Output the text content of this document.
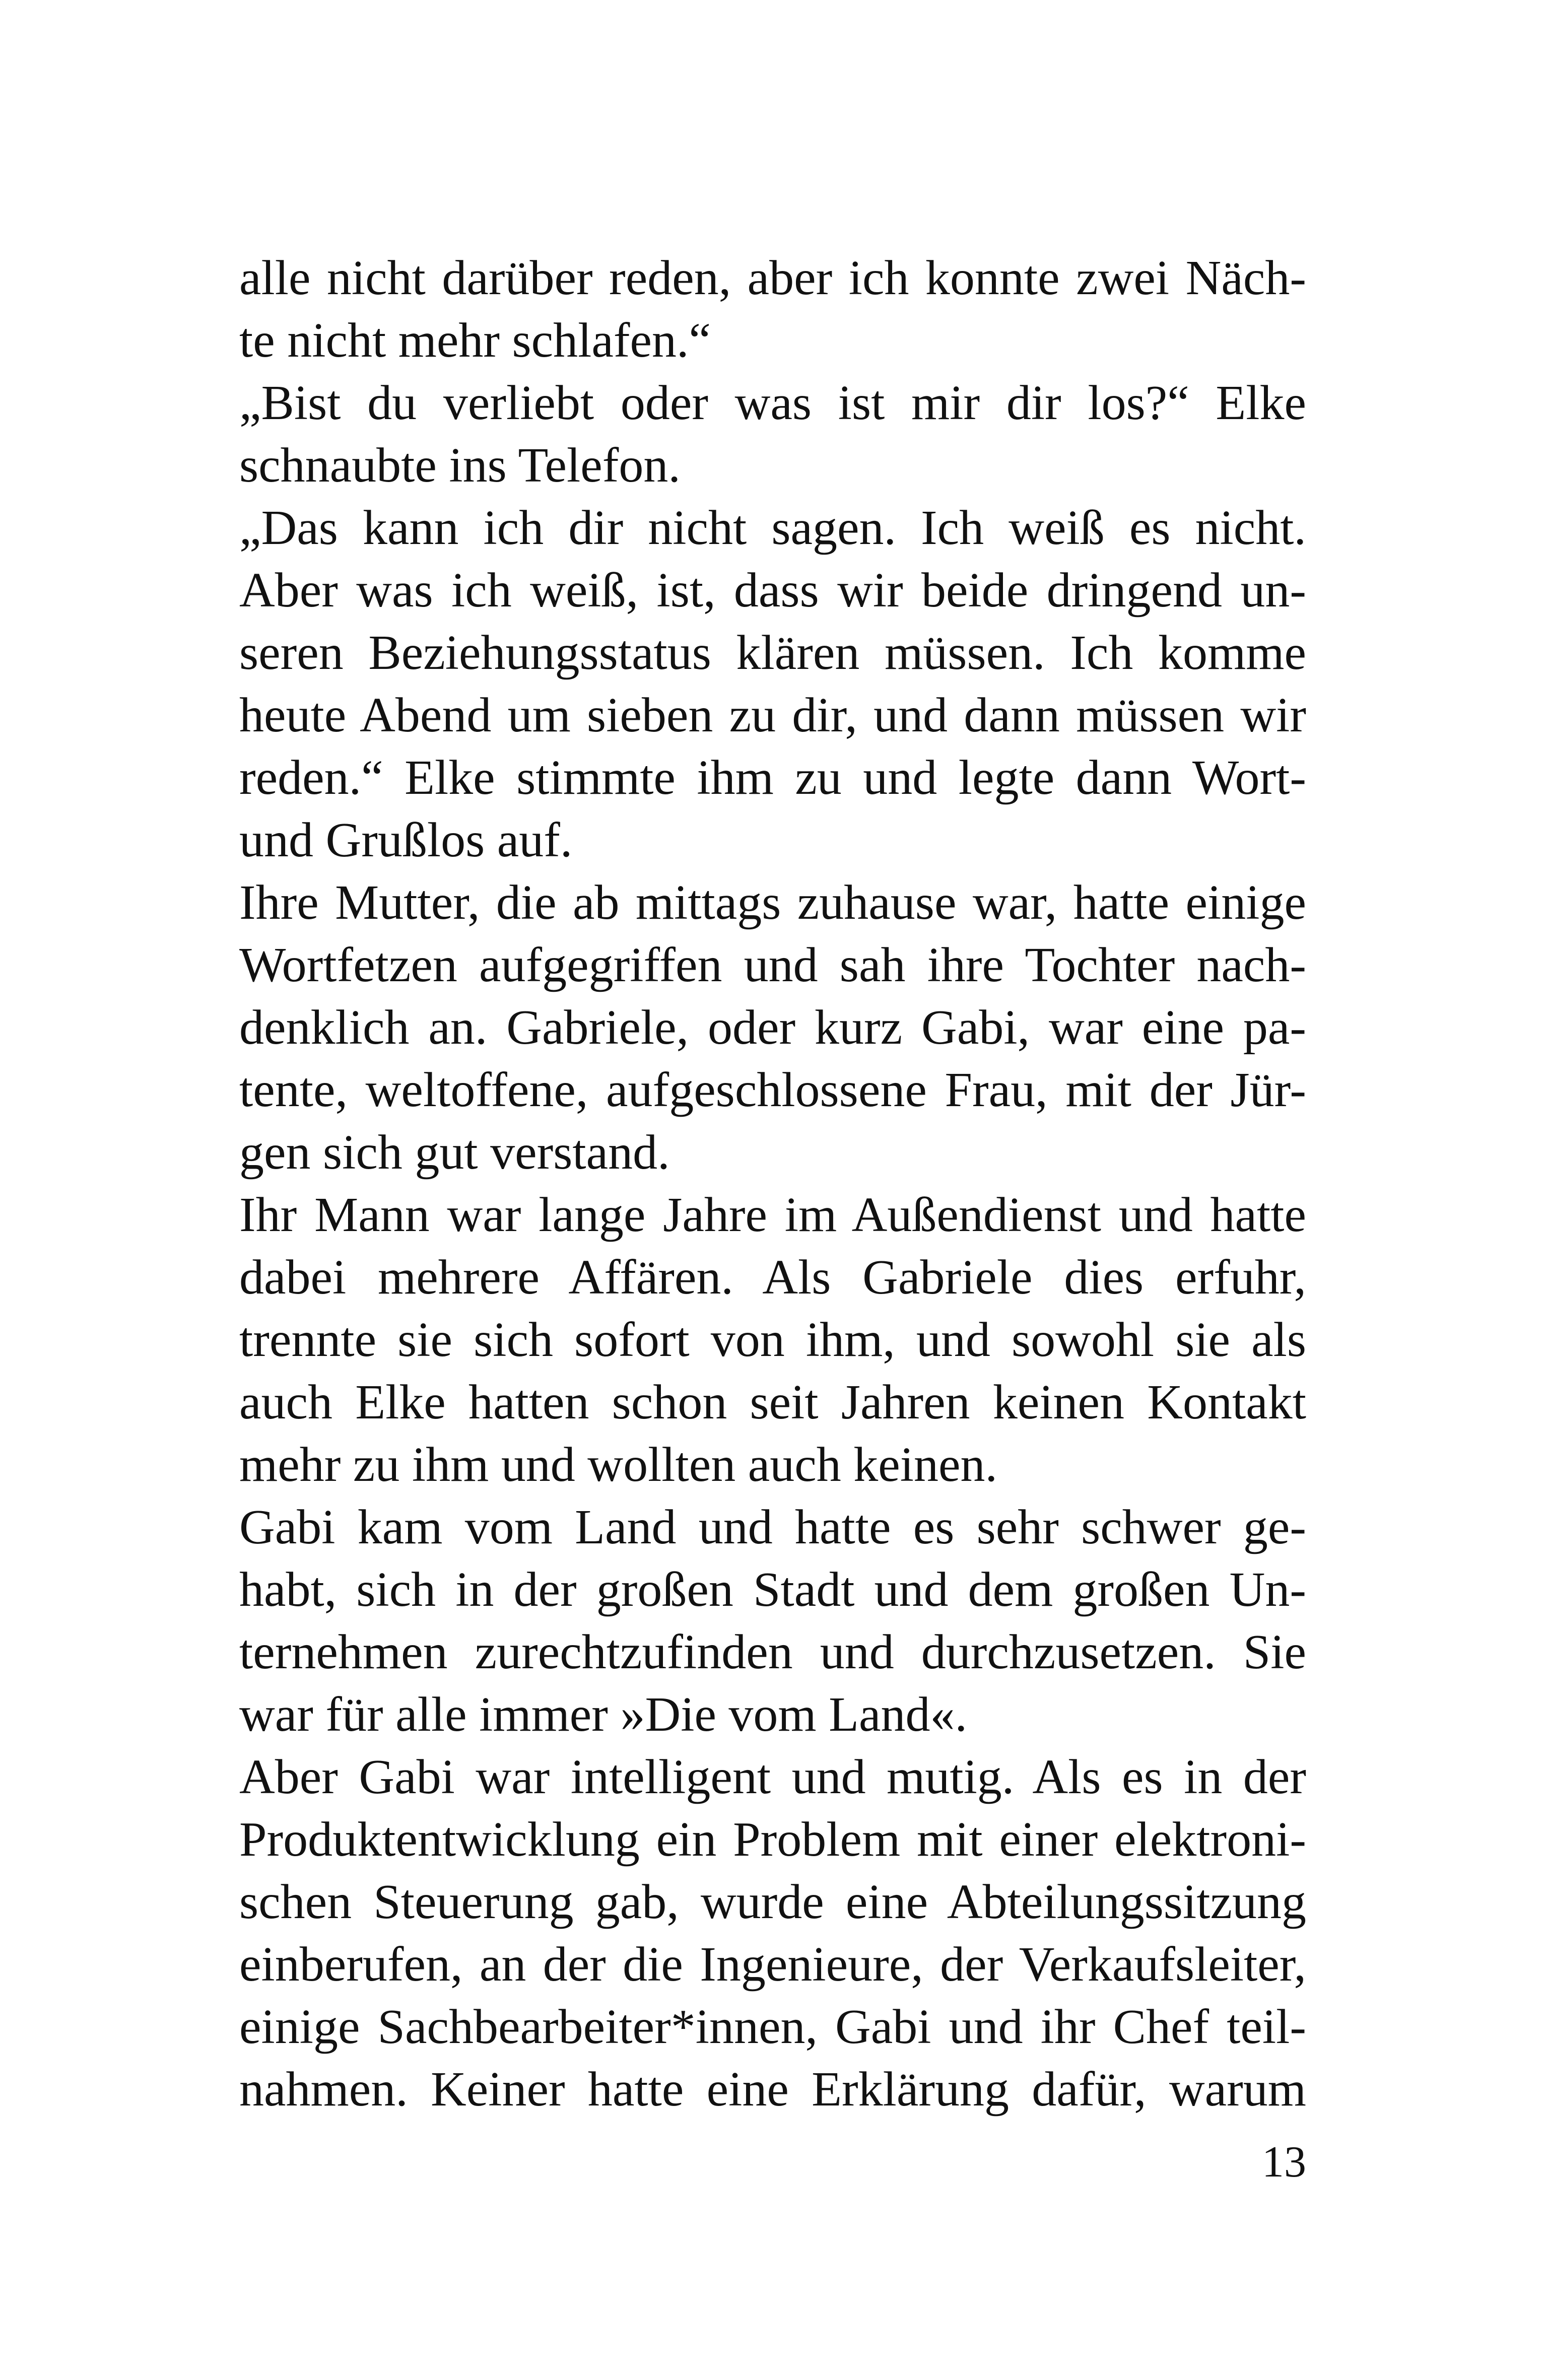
alle nicht darüber reden, aber ich konnte zwei Näch-
te nicht mehr schlafen.“
„Bist du verliebt oder was ist mir dir los?“ Elke
schnaubte ins Telefon.
„Das kann ich dir nicht sagen. Ich weiß es nicht.
Aber was ich weiß, ist, dass wir beide dringend un-
seren Beziehungsstatus klären müssen. Ich komme
heute Abend um sieben zu dir, und dann müssen wir
reden.“ Elke stimmte ihm zu und legte dann Wort-
und Grußlos auf.
Ihre Mutter, die ab mittags zuhause war, hatte einige
Wortfetzen aufgegriffen und sah ihre Tochter nach-
denklich an. Gabriele, oder kurz Gabi, war eine pa-
tente, weltoffene, aufgeschlossene Frau, mit der Jür-
gen sich gut verstand.
Ihr Mann war lange Jahre im Außendienst und hatte
dabei mehrere Affären. Als Gabriele dies erfuhr,
trennte sie sich sofort von ihm, und sowohl sie als
auch Elke hatten schon seit Jahren keinen Kontakt
mehr zu ihm und wollten auch keinen.
Gabi kam vom Land und hatte es sehr schwer ge-
habt, sich in der großen Stadt und dem großen Un-
ternehmen zurechtzufinden und durchzusetzen. Sie
war für alle immer »Die vom Land«.
Aber Gabi war intelligent und mutig. Als es in der
Produktentwicklung ein Problem mit einer elektroni-
schen Steuerung gab, wurde eine Abteilungssitzung
einberufen, an der die Ingenieure, der Verkaufsleiter,
einige Sachbearbeiter*innen, Gabi und ihr Chef teil-
nahmen. Keiner hatte eine Erklärung dafür, warum
13
